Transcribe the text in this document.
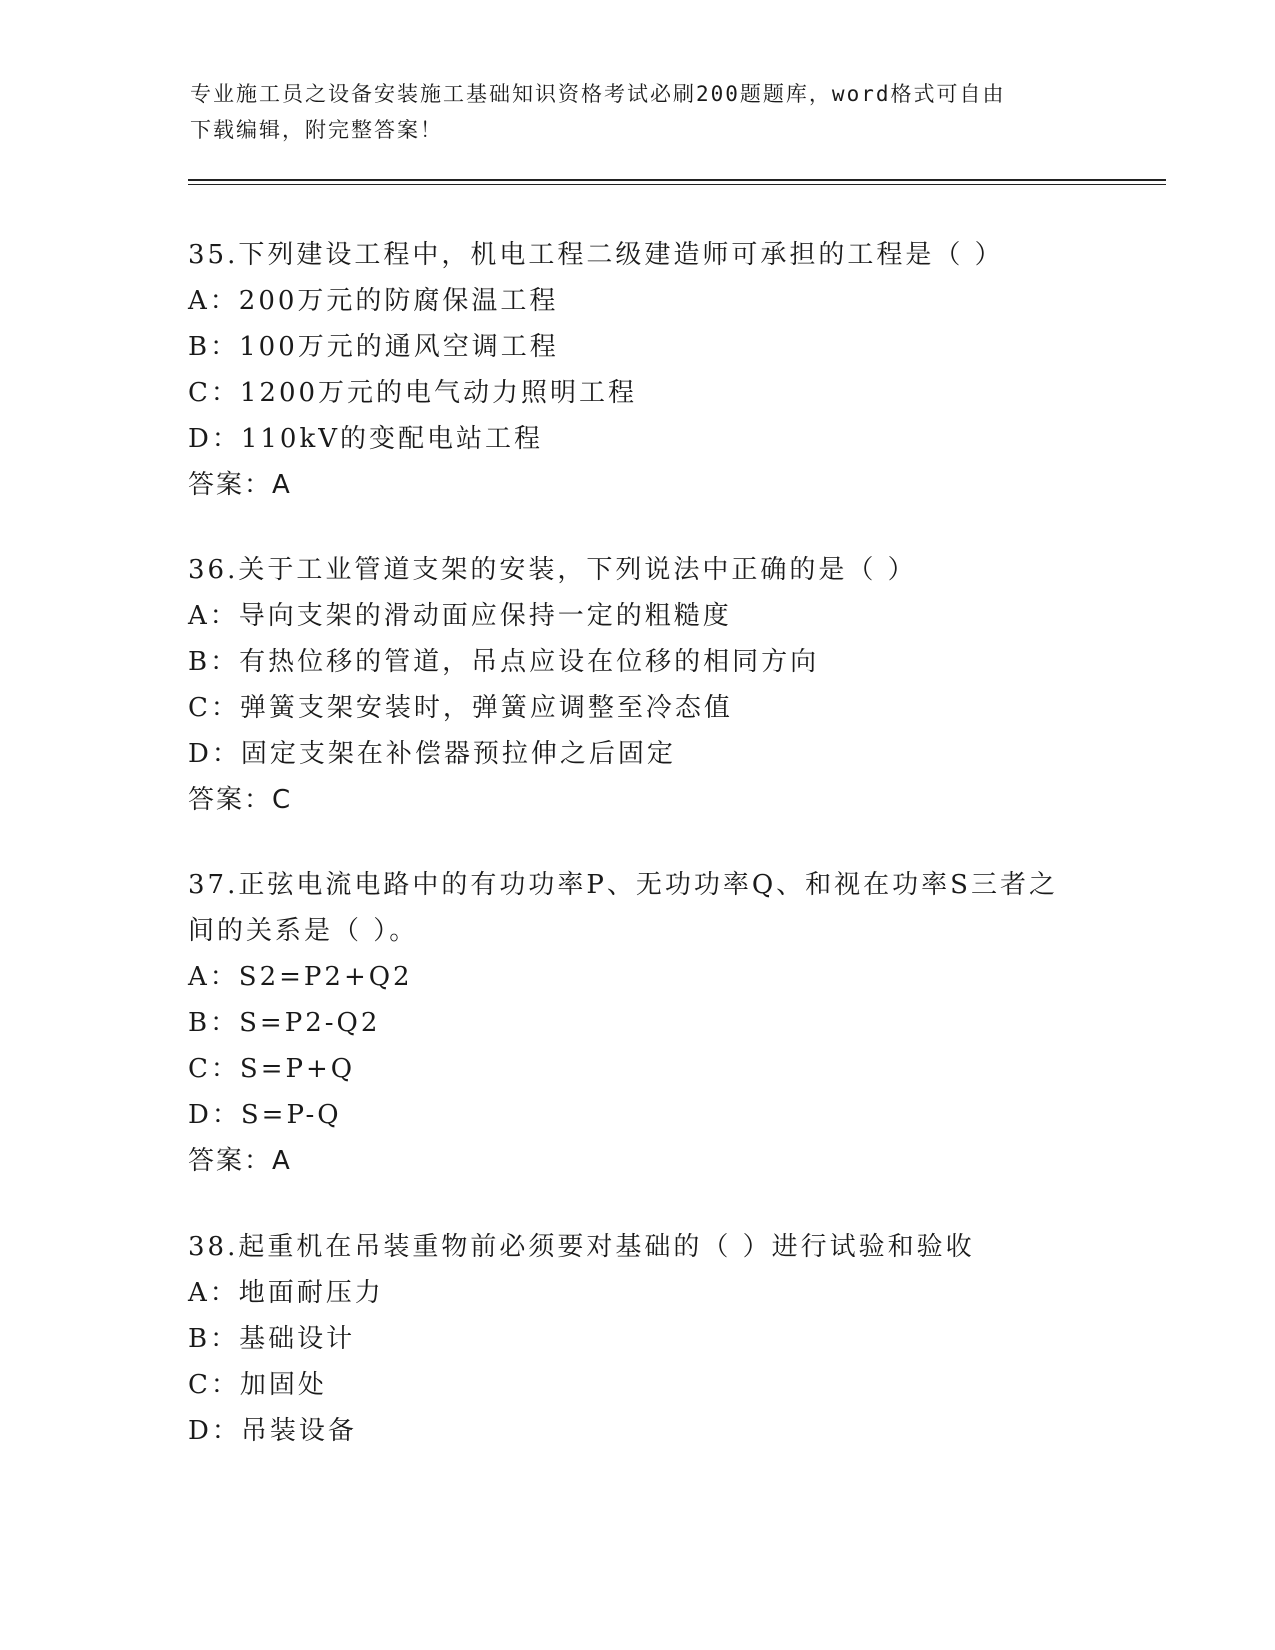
专业施工员之设备安装施工基础知识资格考试必刷200题题库，word格式可自由
下载编辑，附完整答案！
35.下列建设工程中，机电工程二级建造师可承担的工程是（ ）
A：200万元的防腐保温工程
B：100万元的通风空调工程
C：1200万元的电气动力照明工程
D：110kV的变配电站工程
答案：A
36.关于工业管道支架的安装，下列说法中正确的是（ ）
A：导向支架的滑动面应保持一定的粗糙度
B：有热位移的管道，吊点应设在位移的相同方向
C：弹簧支架安装时，弹簧应调整至冷态值
D：固定支架在补偿器预拉伸之后固定
答案：C
37.正弦电流电路中的有功功率P、无功功率Q、和视在功率S三者之
间的关系是（ ）。
A：S2=P2+Q2
B：S=P2-Q2
C：S=P+Q
D：S=P-Q
答案：A
38.起重机在吊装重物前必须要对基础的（ ）进行试验和验收
A：地面耐压力
B：基础设计
C：加固处
D：吊装设备
